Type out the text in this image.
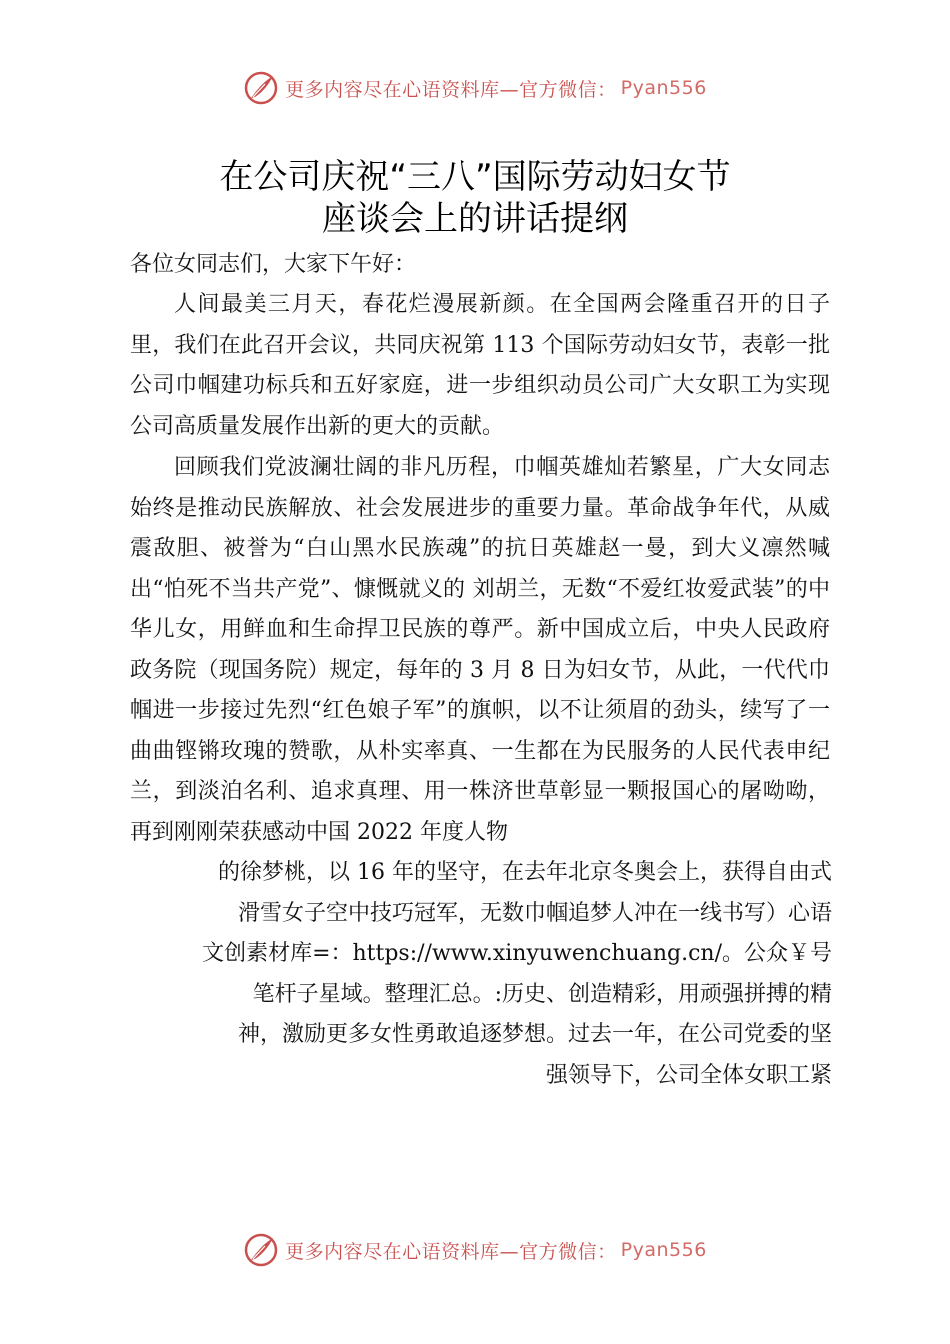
更多内容尽在心语资料库—官方微信： Pyan556
在公司庆祝“三八”国际劳动妇女节
座谈会上的讲话提纲
各位女同志们，大家下午好：
人间最美三月天，春花烂漫展新颜。在全国两会隆重召开的日子里，我们在此召开会议，共同庆祝第 113 个国际劳动妇女节，表彰一批公司巾帼建功标兵和五好家庭，进一步组织动员公司广大女职工为实现公司高质量发展作出新的更大的贡献。
回顾我们党波澜壮阔的非凡历程，巾帼英雄灿若繁星，广大女同志始终是推动民族解放、社会发展进步的重要力量。革命战争年代，从威震敌胆、被誉为“白山黑水民族魂”的抗日英雄赵一曼，到大义凛然喊出“怕死不当共产党”、慷慨就义的 刘胡兰，无数“不爱红妆爱武装”的中华儿女，用鲜血和生命捍卫民族的尊严。新中国成立后，中央人民政府政务院（现国务院）规定，每年的 3 月 8 日为妇女节，从此，一代代巾帼进一步接过先烈“红色娘子军”的旗帜，以不让须眉的劲头，续写了一曲曲铿锵玫瑰的赞歌，从朴实率真、一生都在为民服务的人民代表申纪兰，到淡泊名利、追求真理、用一株济世草彰显一颗报国心的屠呦呦，再到刚刚荣获感动中国 2022 年度人物
的徐梦桃，以 16 年的坚守，在去年北京冬奥会上，获得自由式
滑雪女子空中技巧冠军，无数巾帼追梦人冲在一线书写）心语
文创素材库=：https://www.xinyuwenchuang.cn/。公众￥号
笔杆子星域。整理汇总。:历史、创造精彩，用顽强拼搏的精
神，激励更多女性勇敢追逐梦想。过去一年，在公司党委的坚
强领导下，公司全体女职工紧
更多内容尽在心语资料库—官方微信： Pyan556
